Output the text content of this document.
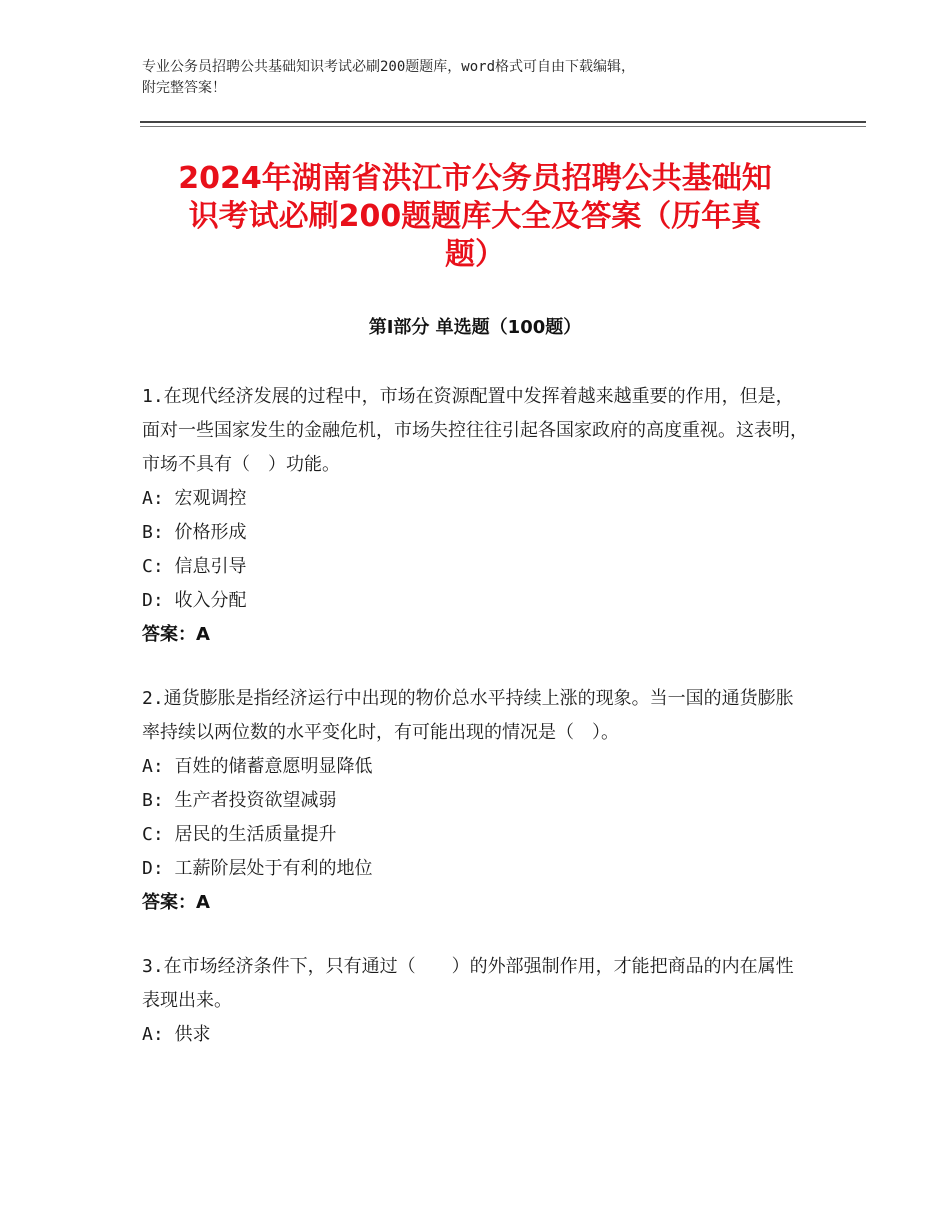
专业公务员招聘公共基础知识考试必刷200题题库，word格式可自由下载编辑，
附完整答案！
2024年湖南省洪江市公务员招聘公共基础知
识考试必刷200题题库大全及答案（历年真
题）
第Ⅰ部分 单选题（100题）

1.在现代经济发展的过程中，市场在资源配置中发挥着越来越重要的作用，但是，面对一些国家发生的金融危机，市场失控往往引起各国家政府的高度重视。这表明，市场不具有（　）功能。

A: 宏观调控

B: 价格形成

C: 信息引导

D: 收入分配

答案：A

2.通货膨胀是指经济运行中出现的物价总水平持续上涨的现象。当一国的通货膨胀率持续以两位数的水平变化时，有可能出现的情况是（　）。

A: 百姓的储蓄意愿明显降低

B: 生产者投资欲望减弱

C: 居民的生活质量提升

D: 工薪阶层处于有利的地位

答案：A

3.在市场经济条件下，只有通过（　　）的外部强制作用，才能把商品的内在属性表现出来。

A: 供求
